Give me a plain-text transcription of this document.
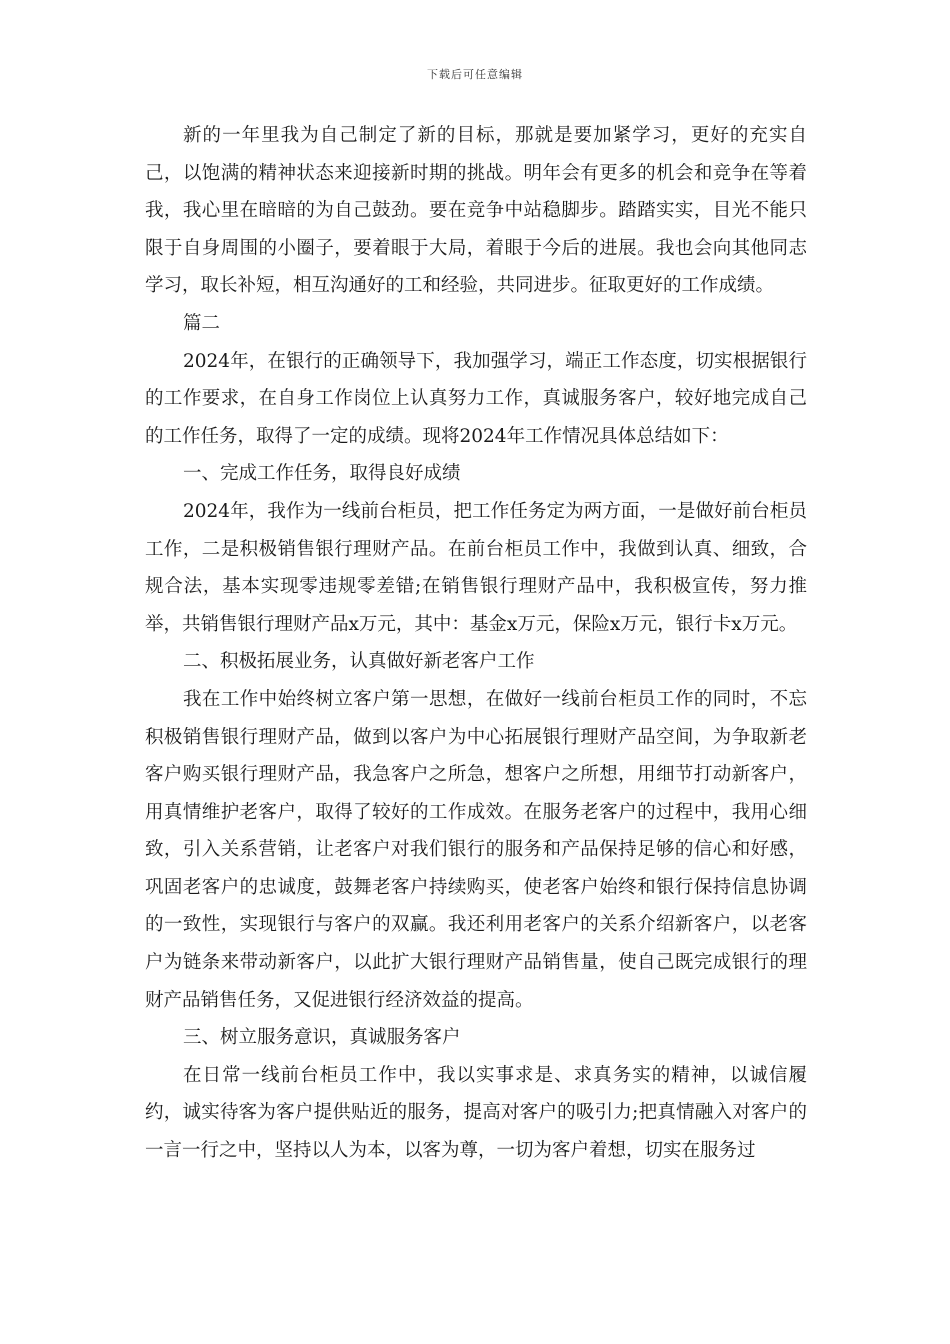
下载后可任意编辑

新的一年里我为自己制定了新的目标，那就是要加紧学习，更好的充实自己，以饱满的精神状态来迎接新时期的挑战。明年会有更多的机会和竞争在等着我，我心里在暗暗的为自己鼓劲。要在竞争中站稳脚步。踏踏实实，目光不能只限于自身周围的小圈子，要着眼于大局，着眼于今后的进展。我也会向其他同志学习，取长补短，相互沟通好的工和经验，共同进步。征取更好的工作成绩。

篇二

2024年，在银行的正确领导下，我加强学习，端正工作态度，切实根据银行的工作要求，在自身工作岗位上认真努力工作，真诚服务客户，较好地完成自己的工作任务，取得了一定的成绩。现将2024年工作情况具体总结如下：

一、完成工作任务，取得良好成绩

2024年，我作为一线前台柜员，把工作任务定为两方面，一是做好前台柜员工作，二是积极销售银行理财产品。在前台柜员工作中，我做到认真、细致，合规合法，基本实现零违规零差错;在销售银行理财产品中，我积极宣传，努力推举，共销售银行理财产品x万元，其中：基金x万元，保险x万元，银行卡x万元。

二、积极拓展业务，认真做好新老客户工作

我在工作中始终树立客户第一思想，在做好一线前台柜员工作的同时，不忘积极销售银行理财产品，做到以客户为中心拓展银行理财产品空间，为争取新老客户购买银行理财产品，我急客户之所急，想客户之所想，用细节打动新客户，用真情维护老客户，取得了较好的工作成效。在服务老客户的过程中，我用心细致，引入关系营销，让老客户对我们银行的服务和产品保持足够的信心和好感，巩固老客户的忠诚度，鼓舞老客户持续购买，使老客户始终和银行保持信息协调的一致性，实现银行与客户的双赢。我还利用老客户的关系介绍新客户，以老客户为链条来带动新客户，以此扩大银行理财产品销售量，使自己既完成银行的理财产品销售任务，又促进银行经济效益的提高。

三、树立服务意识，真诚服务客户

在日常一线前台柜员工作中，我以实事求是、求真务实的精神，以诚信履约，诚实待客为客户提供贴近的服务，提高对客户的吸引力;把真情融入对客户的一言一行之中，坚持以人为本，以客为尊，一切为客户着想，切实在服务过
